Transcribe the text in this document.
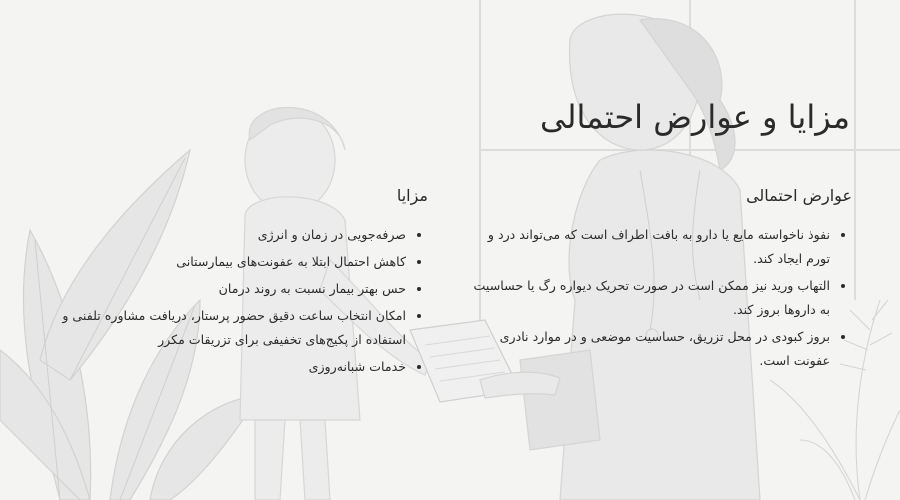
مزایا و عوارض احتمالی
عوارض احتمالی
• نفوذ ناخواسته مایع یا دارو به بافت اطراف است که می‌تواند درد و تورم ایجاد کند.
• التهاب ورید نیز ممکن است در صورت تحریک دیواره رگ یا حساسیت به داروها بروز کند.
• بروز کبودی در محل تزریق، حساسیت موضعی و در موارد نادری عفونت است.
مزایا
• صرفه‌جویی در زمان و انرژی
• کاهش احتمال ابتلا به عفونت‌های بیمارستانی
• حس بهتر بیمار نسبت به روند درمان
• امکان انتخاب ساعت دقیق حضور پرستار، دریافت مشاوره تلفنی و استفاده از پکیج‌های تخفیفی برای تزریقات مکرر
• خدمات شبانه‌روزی
